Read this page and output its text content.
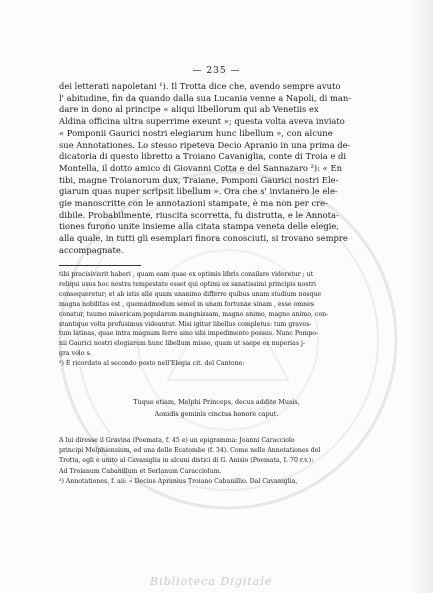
— 235 —

dei letterati napoletani ¹). Il Trotta dice che, avendo sempre avuto
l' abitudine, fin da quando dalla sua Lucania venne a Napoli, di man-
dare in dono al principe « aliqui libellorum qui ab Venetiis ex
Aldina officina ultra superrime exeunt »; questa volta aveva inviato
« Pomponii Gaurici nostri elegiarum hunc libellum », con alcune
sue Annotationes. Lo stesso ripeteva Decio Apranio in una prima de-
dicatoria di questo libretto a Troiano Cavaniglia, conte di Troia e di
Montella, il dotto amico di Giovanni Cotta e del Sannazaro ²): « En
tibi, magne Troianorum dux, Traiane, Pomponi Gaurici nostri Ele-
giarum quas nuper scripsit libellum ». Ora che s' invianero le ele-
gie manoscritte con le annotazioni stampate, è ma non per cre-
dibile. Probabilmente, riuscita scorretta, fu distrutta, e le Annota-
tiones furono unite insieme alla citata stampa veneta delle elegie,
alla quale, in tutti gli esemplari finora conosciuti, si trovano sempre
accompagnate.

tibi pracisivisrit haberi , quam eam quae ex optimis libris consilare videretur ; ut
reliqui usus hoc nostra tempestate esset qui optimi ex sanatissimi principis nostri
consequeretur; et ab istis alle quam unanimo differre quibus unam studium nosque
magna nobilitas est , quemadmodum semel in unam fortunae sinam , esse omnes
conatur, tuumo misericam popularem mangnissam, magno animo, magno animo, con-
stantique volta profusimus videantur. Misi igitur libellus completus: tum graves-
tum latinas, quae intra magnum ferre aino sibi impedimento possus. Nunc Pompo-
nii Gaurici nostri elegiarum hunc libellum misso, quam ut saepe ex nuperias j-
gra volo s.
²) È ricordato al secondo posto nell'Elegia cit. del Cantone:
Tuque etiam, Melphi Princeps, decus addite Musis,
Aonidis geminis cinctus honore caput.
A lui diresse il Gravina (Poemata, f. 45 e) un epigramma: Joanni Caracciolo
principi Melphiensium, ed una delle Ecatombe (f. 34). Come nelle Annotationes del
Trotta, egli è unito al Cavaniglia in alcuni distici di G. Anisio (Poemata, I. 70 r.v.):
Ad Troianum Cabanillum et Serlanum Caracciolum.
³) Annotationes, f. aii: « Decius Apranius Troiano Cabanillio. Dal Cavaniglia,
Biblioteca Digitale
